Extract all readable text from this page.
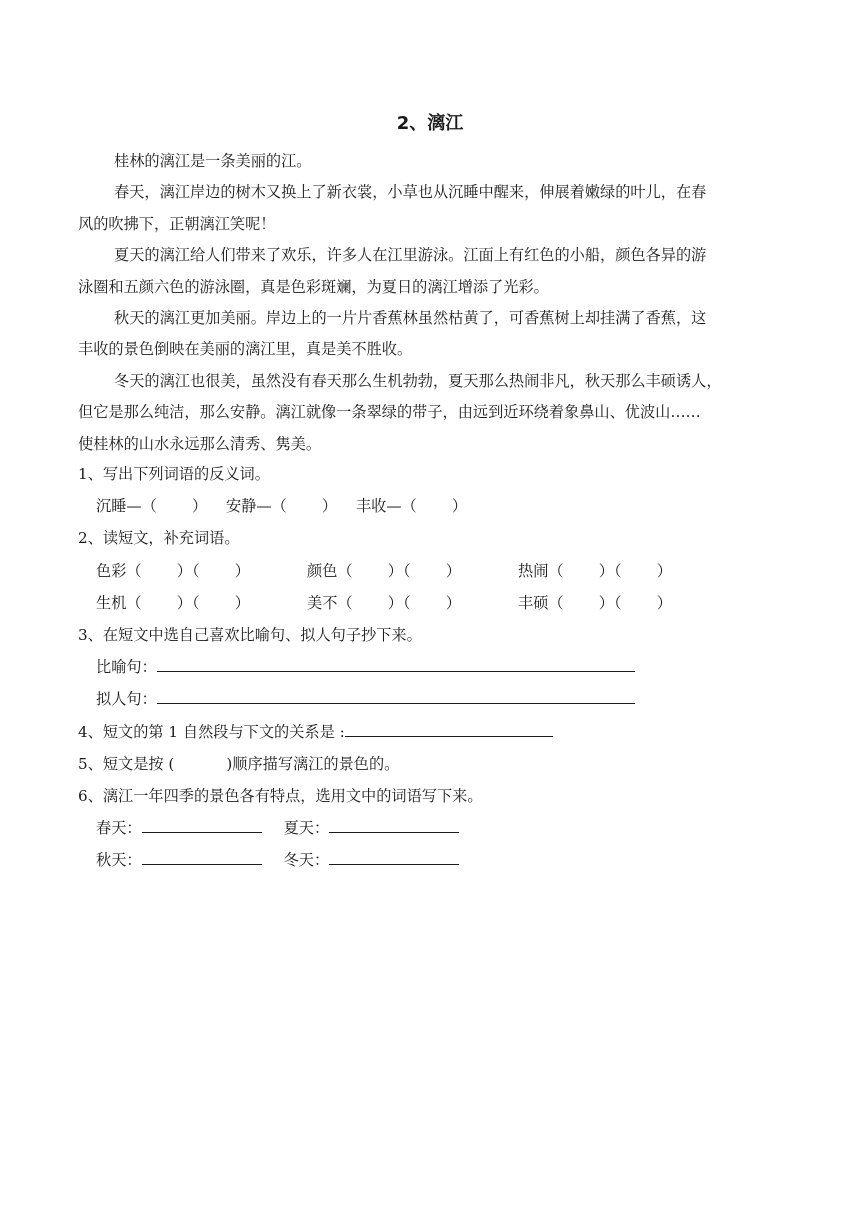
2、漓江

桂林的漓江是一条美丽的江。

春天，漓江岸边的树木又换上了新衣裳，小草也从沉睡中醒来，伸展着嫩绿的叶儿，在春
风的吹拂下，正朝漓江笑呢！

夏天的漓江给人们带来了欢乐，许多人在江里游泳。江面上有红色的小船，颜色各异的游
泳圈和五颜六色的游泳圈，真是色彩斑斓，为夏日的漓江增添了光彩。

秋天的漓江更加美丽。岸边上的一片片香蕉林虽然枯黄了，可香蕉树上却挂满了香蕉，这
丰收的景色倒映在美丽的漓江里，真是美不胜收。

冬天的漓江也很美，虽然没有春天那么生机勃勃，夏天那么热闹非凡，秋天那么丰硕诱人，
但它是那么纯洁，那么安静。漓江就像一条翠绿的带子，由远到近环绕着象鼻山、优波山……
使桂林的山水永远那么清秀、隽美。

1、写出下列词语的反义词。

沉睡—（　　 ） 安静—（　　 ） 丰收—（　　 ）

2、读短文，补充词语。

色彩（　　 ）（　　 ）	颜色（　　 ）（　　 ）	热闹（　　 ）（　　 ）

生机（　　 ）（　　 ）	美不（　　 ）（　　 ）	丰硕（　　 ）（　　 ）

3、在短文中选自己喜欢比喻句、拟人句子抄下来。

比喻句：

拟人句：

4、短文的第 1 自然段与下文的关系是 :

5、短文是按 (	)顺序描写漓江的景色的。

6、漓江一年四季的景色各有特点，选用文中的词语写下来。

春天：	夏天：

秋天：	冬天：
